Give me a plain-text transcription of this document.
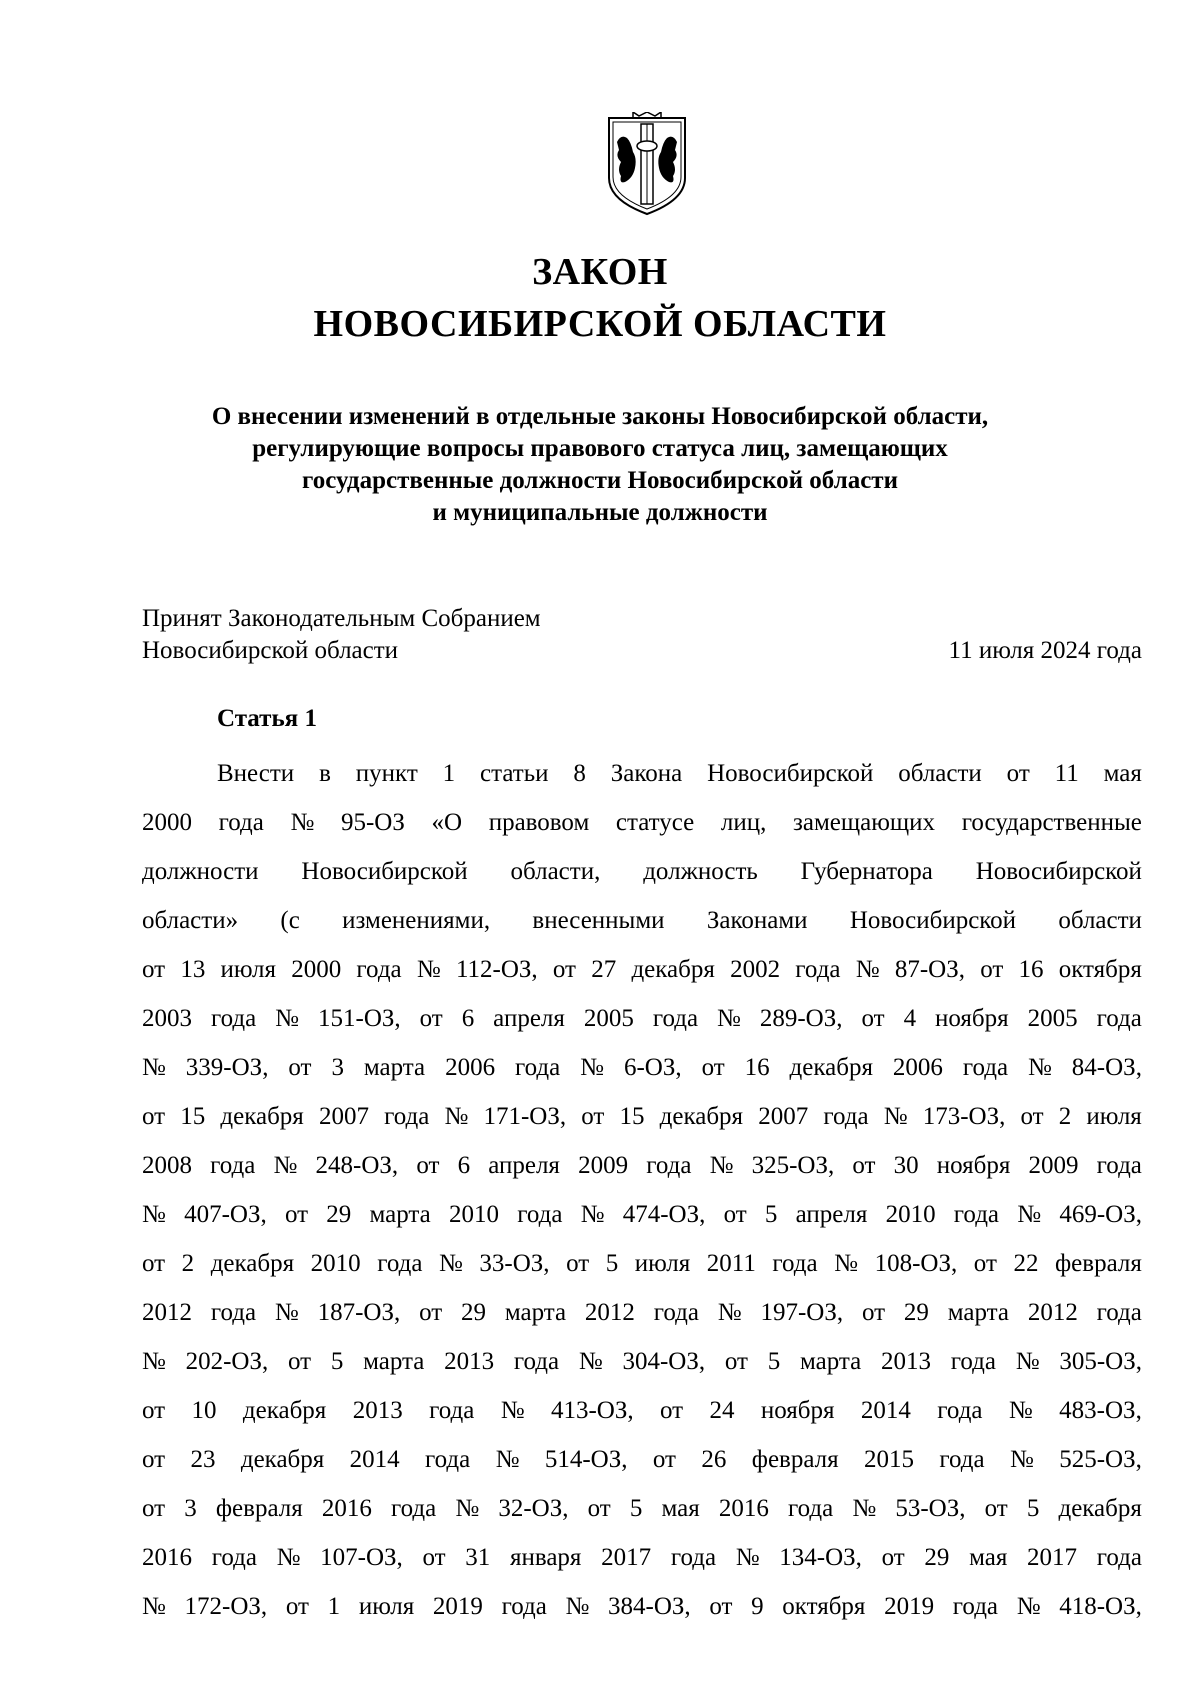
ЗАКОН
НОВОСИБИРСКОЙ ОБЛАСТИ
О внесении изменений в отдельные законы Новосибирской области,
регулирующие вопросы правового статуса лиц, замещающих
государственные должности Новосибирской области
и муниципальные должности
Принят Законодательным Собранием
Новосибирской области	11 июля 2024 года
Статья 1
Внести в пункт 1 статьи 8 Закона Новосибирской области от 11 мая
2000 года № 95-ОЗ «О правовом статусе лиц, замещающих государственные
должности Новосибирской области, должность Губернатора Новосибирской
области» (с изменениями, внесенными Законами Новосибирской области
от 13 июля 2000 года № 112-ОЗ, от 27 декабря 2002 года № 87-ОЗ, от 16 октября
2003 года № 151-ОЗ, от 6 апреля 2005 года № 289-ОЗ, от 4 ноября 2005 года
№ 339-ОЗ, от 3 марта 2006 года № 6-ОЗ, от 16 декабря 2006 года № 84-ОЗ,
от 15 декабря 2007 года № 171-ОЗ, от 15 декабря 2007 года № 173-ОЗ, от 2 июля
2008 года № 248-ОЗ, от 6 апреля 2009 года № 325-ОЗ, от 30 ноября 2009 года
№ 407-ОЗ, от 29 марта 2010 года № 474-ОЗ, от 5 апреля 2010 года № 469-ОЗ,
от 2 декабря 2010 года № 33-ОЗ, от 5 июля 2011 года № 108-ОЗ, от 22 февраля
2012 года № 187-ОЗ, от 29 марта 2012 года № 197-ОЗ, от 29 марта 2012 года
№ 202-ОЗ, от 5 марта 2013 года № 304-ОЗ, от 5 марта 2013 года № 305-ОЗ,
от 10 декабря 2013 года № 413-ОЗ, от 24 ноября 2014 года № 483-ОЗ,
от 23 декабря 2014 года № 514-ОЗ, от 26 февраля 2015 года № 525-ОЗ,
от 3 февраля 2016 года № 32-ОЗ, от 5 мая 2016 года № 53-ОЗ, от 5 декабря
2016 года № 107-ОЗ, от 31 января 2017 года № 134-ОЗ, от 29 мая 2017 года
№ 172-ОЗ, от 1 июля 2019 года № 384-ОЗ, от 9 октября 2019 года № 418-ОЗ,
